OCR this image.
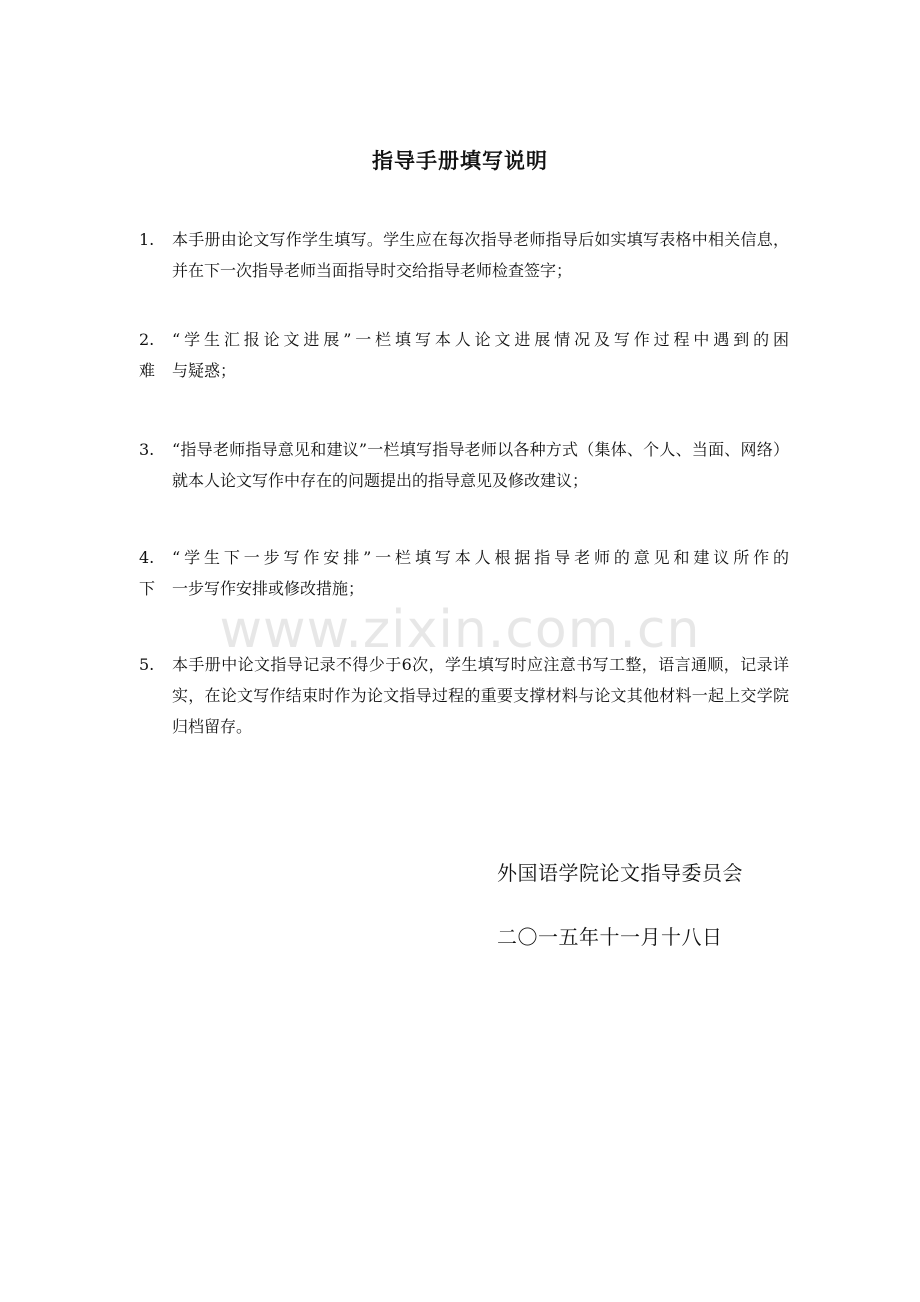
指导手册填写说明
1.	本手册由论文写作学生填写。学生应在每次指导老师指导后如实填写表格中相关信息，并在下一次指导老师当面指导时交给指导老师检查签字；
2.	“学生汇报论文进展”一栏填写本人论文进展情况及写作过程中遇到的困
难 与疑惑；
3.	“指导老师指导意见和建议”一栏填写指导老师以各种方式（集体、个人、当面、网络）就本人论文写作中存在的问题提出的指导意见及修改建议；
4.	“学生下一步写作安排”一栏填写本人根据指导老师的意见和建议所作的
下 一步写作安排或修改措施；
www.zixin.com.cn
5.	本手册中论文指导记录不得少于6次，学生填写时应注意书写工整，语言通顺，记录详实，在论文写作结束时作为论文指导过程的重要支撑材料与论文其他材料一起上交学院归档留存。
外国语学院论文指导委员会
二〇一五年十一月十八日
